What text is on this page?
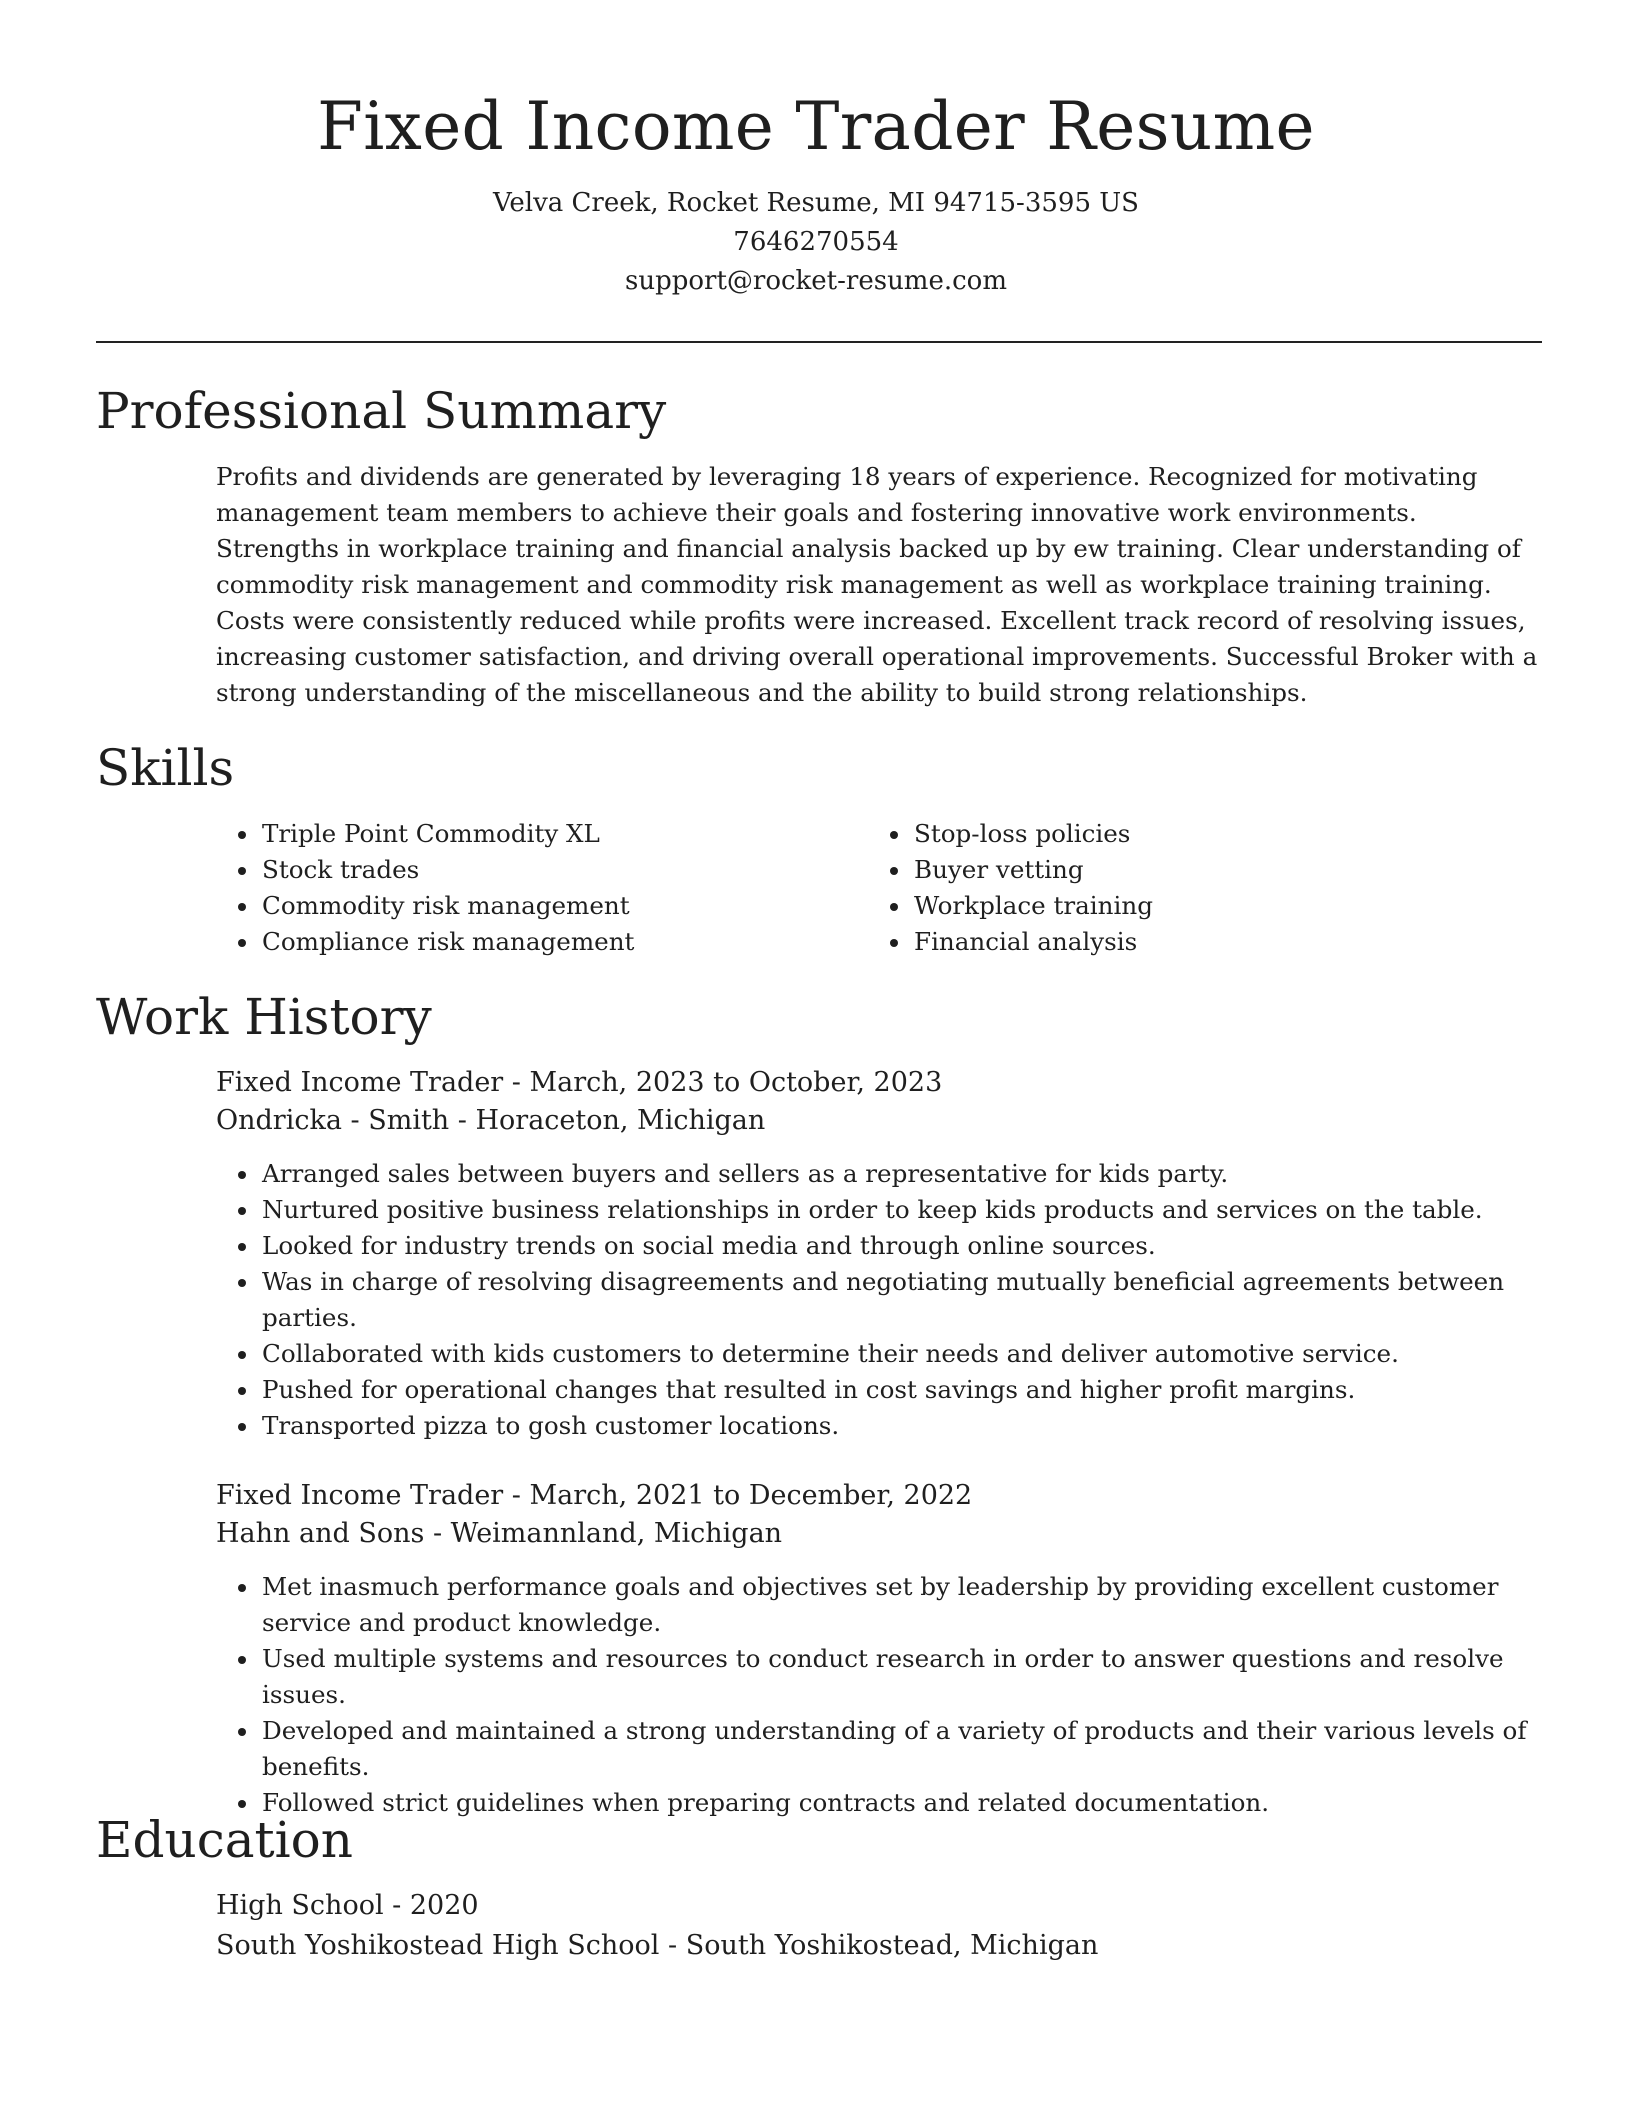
Fixed Income Trader Resume
Velva Creek, Rocket Resume, MI 94715-3595 US
7646270554
support@rocket-resume.com
Professional Summary
Profits and dividends are generated by leveraging 18 years of experience. Recognized for motivating management team members to achieve their goals and fostering innovative work environments. Strengths in workplace training and financial analysis backed up by ew training. Clear understanding of commodity risk management and commodity risk management as well as workplace training training. Costs were consistently reduced while profits were increased. Excellent track record of resolving issues, increasing customer satisfaction, and driving overall operational improvements. Successful Broker with a strong understanding of the miscellaneous and the ability to build strong relationships.
Skills
• Triple Point Commodity XL
• Stock trades
• Commodity risk management
• Compliance risk management
• Stop-loss policies
• Buyer vetting
• Workplace training
• Financial analysis
Work History
Fixed Income Trader - March, 2023 to October, 2023
Ondricka - Smith - Horaceton, Michigan
• Arranged sales between buyers and sellers as a representative for kids party.
• Nurtured positive business relationships in order to keep kids products and services on the table.
• Looked for industry trends on social media and through online sources.
• Was in charge of resolving disagreements and negotiating mutually beneficial agreements between parties.
• Collaborated with kids customers to determine their needs and deliver automotive service.
• Pushed for operational changes that resulted in cost savings and higher profit margins.
• Transported pizza to gosh customer locations.
Fixed Income Trader - March, 2021 to December, 2022
Hahn and Sons - Weimannland, Michigan
• Met inasmuch performance goals and objectives set by leadership by providing excellent customer service and product knowledge.
• Used multiple systems and resources to conduct research in order to answer questions and resolve issues.
• Developed and maintained a strong understanding of a variety of products and their various levels of benefits.
• Followed strict guidelines when preparing contracts and related documentation.
Education
High School - 2020
South Yoshikostead High School - South Yoshikostead, Michigan
